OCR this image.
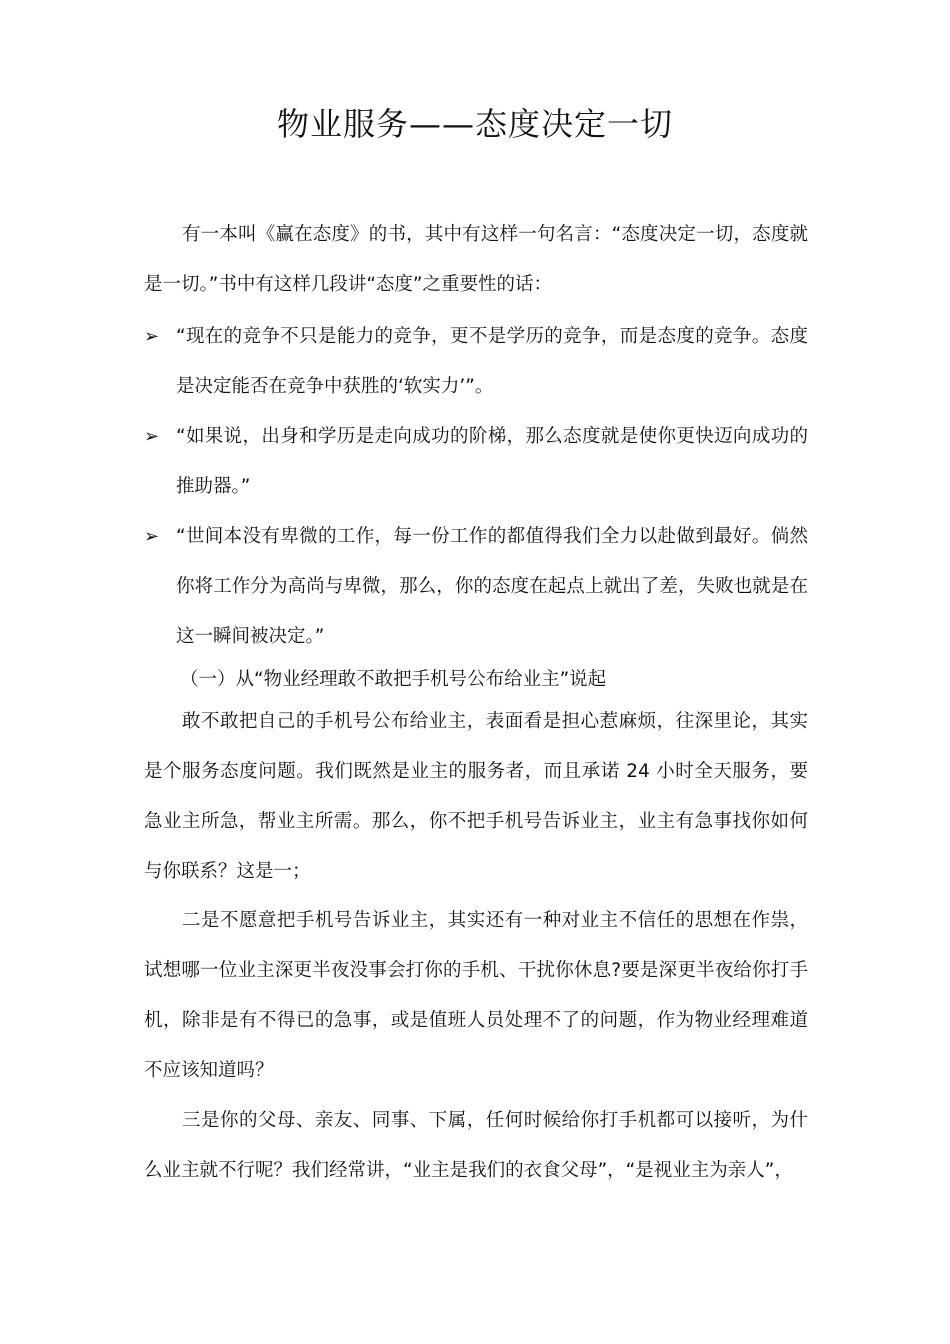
物业服务——态度决定一切

有一本叫《赢在态度》的书，其中有这样一句名言：“态度决定一切，态度就是一切。”书中有这样几段讲“态度”之重要性的话：

➢ “现在的竞争不只是能力的竞争，更不是学历的竞争，而是态度的竞争。态度是决定能否在竞争中获胜的‘软实力’”。

➢ “如果说，出身和学历是走向成功的阶梯，那么态度就是使你更快迈向成功的推助器。”

➢ “世间本没有卑微的工作，每一份工作的都值得我们全力以赴做到最好。倘然你将工作分为高尚与卑微，那么，你的态度在起点上就出了差，失败也就是在这一瞬间被决定。”

（一）从“物业经理敢不敢把手机号公布给业主”说起

敢不敢把自己的手机号公布给业主，表面看是担心惹麻烦，往深里论，其实是个服务态度问题。我们既然是业主的服务者，而且承诺 24 小时全天服务，要急业主所急，帮业主所需。那么，你不把手机号告诉业主，业主有急事找你如何与你联系？这是一；

二是不愿意把手机号告诉业主，其实还有一种对业主不信任的思想在作祟，试想哪一位业主深更半夜没事会打你的手机、干扰你休息?要是深更半夜给你打手机，除非是有不得已的急事，或是值班人员处理不了的问题，作为物业经理难道不应该知道吗？

三是你的父母、亲友、同事、下属，任何时候给你打手机都可以接听，为什么业主就不行呢？我们经常讲，“业主是我们的衣食父母”，“是视业主为亲人”，
